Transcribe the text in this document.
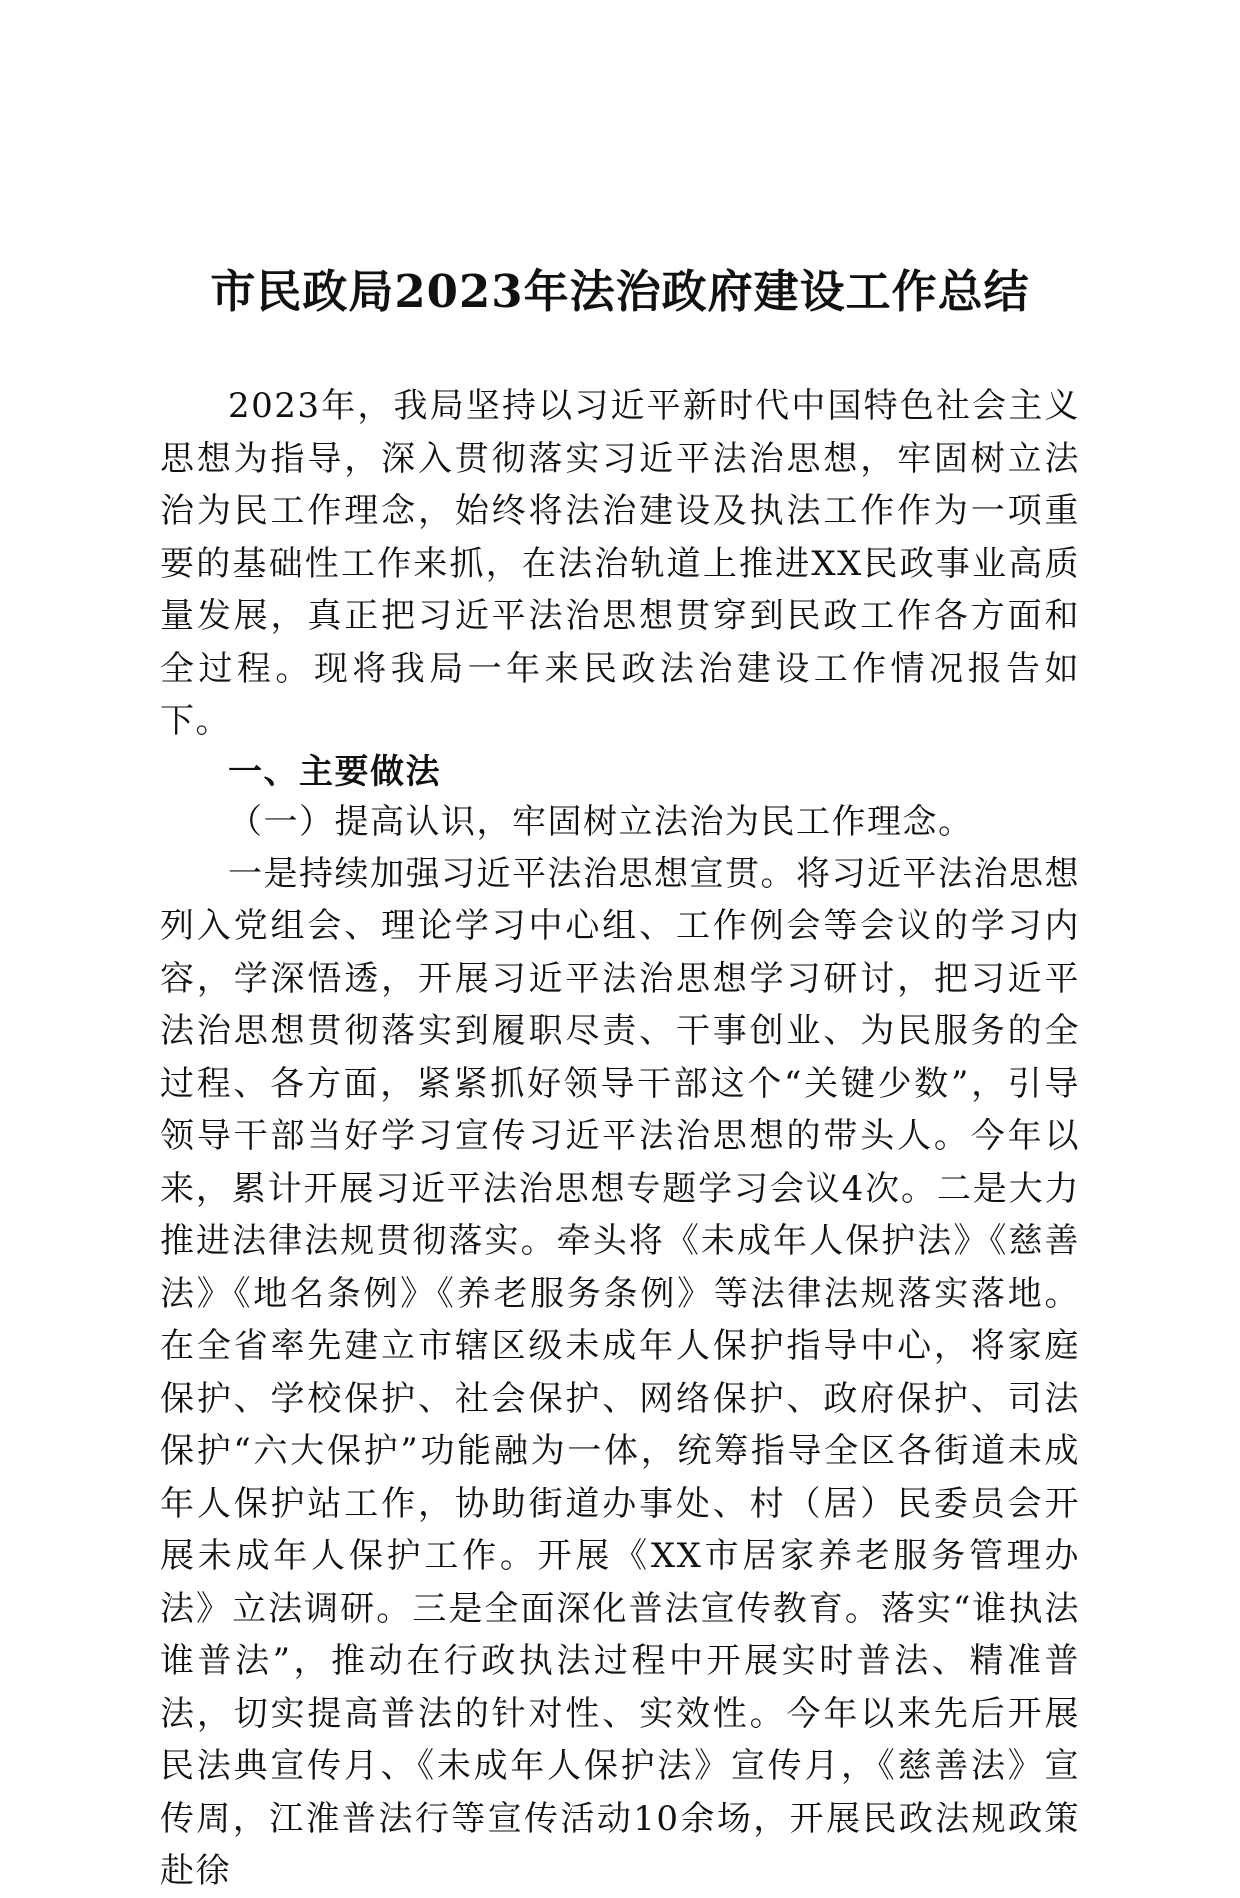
市民政局2023年法治政府建设工作总结

2023年，我局坚持以习近平新时代中国特色社会主义思想为指导，深入贯彻落实习近平法治思想，牢固树立法治为民工作理念，始终将法治建设及执法工作作为一项重要的基础性工作来抓，在法治轨道上推进XX民政事业高质量发展，真正把习近平法治思想贯穿到民政工作各方面和全过程。现将我局一年来民政法治建设工作情况报告如下。

一、主要做法

（一）提高认识，牢固树立法治为民工作理念。

一是持续加强习近平法治思想宣贯。将习近平法治思想列入党组会、理论学习中心组、工作例会等会议的学习内容，学深悟透，开展习近平法治思想学习研讨，把习近平法治思想贯彻落实到履职尽责、干事创业、为民服务的全过程、各方面，紧紧抓好领导干部这个“关键少数”，引导领导干部当好学习宣传习近平法治思想的带头人。今年以来，累计开展习近平法治思想专题学习会议4次。二是大力推进法律法规贯彻落实。牵头将《未成年人保护法》《慈善法》《地名条例》《养老服务条例》等法律法规落实落地。在全省率先建立市辖区级未成年人保护指导中心，将家庭保护、学校保护、社会保护、网络保护、政府保护、司法保护“六大保护”功能融为一体，统筹指导全区各街道未成年人保护站工作，协助街道办事处、村（居）民委员会开展未成年人保护工作。开展《XX市居家养老服务管理办法》立法调研。三是全面深化普法宣传教育。落实“谁执法谁普法”，推动在行政执法过程中开展实时普法、精准普法，切实提高普法的针对性、实效性。今年以来先后开展民法典宣传月、《未成年人保护法》宣传月，《慈善法》宣传周，江淮普法行等宣传活动10余场，开展民政法规政策赴徐
